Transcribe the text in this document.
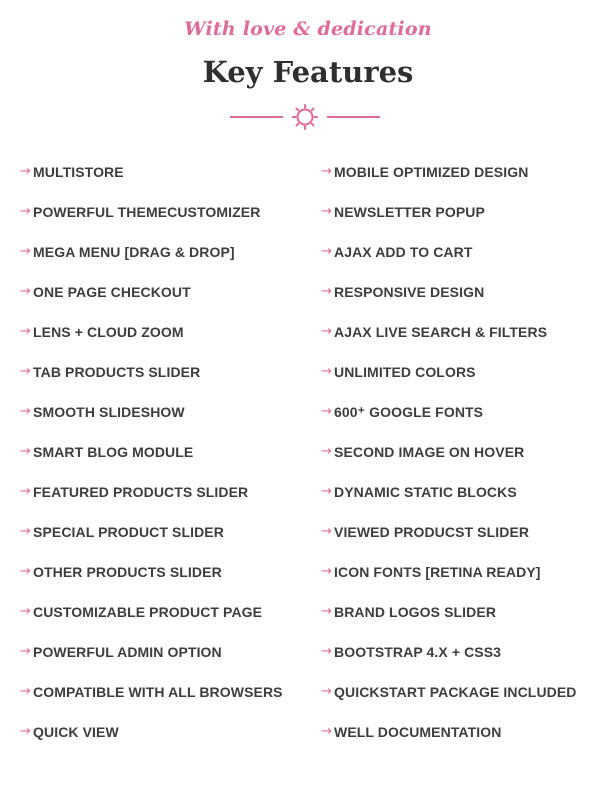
With love & dedication
Key Features
→ MULTISTORE
→ POWERFUL THEMECUSTOMIZER
→ MEGA MENU [DRAG & DROP]
→ ONE PAGE CHECKOUT
→ LENS + CLOUD ZOOM
→ TAB PRODUCTS SLIDER
→ SMOOTH SLIDESHOW
→ SMART BLOG MODULE
→ FEATURED PRODUCTS SLIDER
→ SPECIAL PRODUCT SLIDER
→ OTHER PRODUCTS SLIDER
→ CUSTOMIZABLE PRODUCT PAGE
→ POWERFUL ADMIN OPTION
→ COMPATIBLE WITH ALL BROWSERS
→ QUICK VIEW
→ MOBILE OPTIMIZED DESIGN
→ NEWSLETTER POPUP
→ AJAX ADD TO CART
→ RESPONSIVE DESIGN
→ AJAX LIVE SEARCH & FILTERS
→ UNLIMITED COLORS
→ 600⁺ GOOGLE FONTS
→ SECOND IMAGE ON HOVER
→ DYNAMIC STATIC BLOCKS
→ VIEWED PRODUCST SLIDER
→ ICON FONTS [RETINA READY]
→ BRAND LOGOS SLIDER
→ BOOTSTRAP 4.X + CSS3
→ QUICKSTART PACKAGE INCLUDED
→ WELL DOCUMENTATION
